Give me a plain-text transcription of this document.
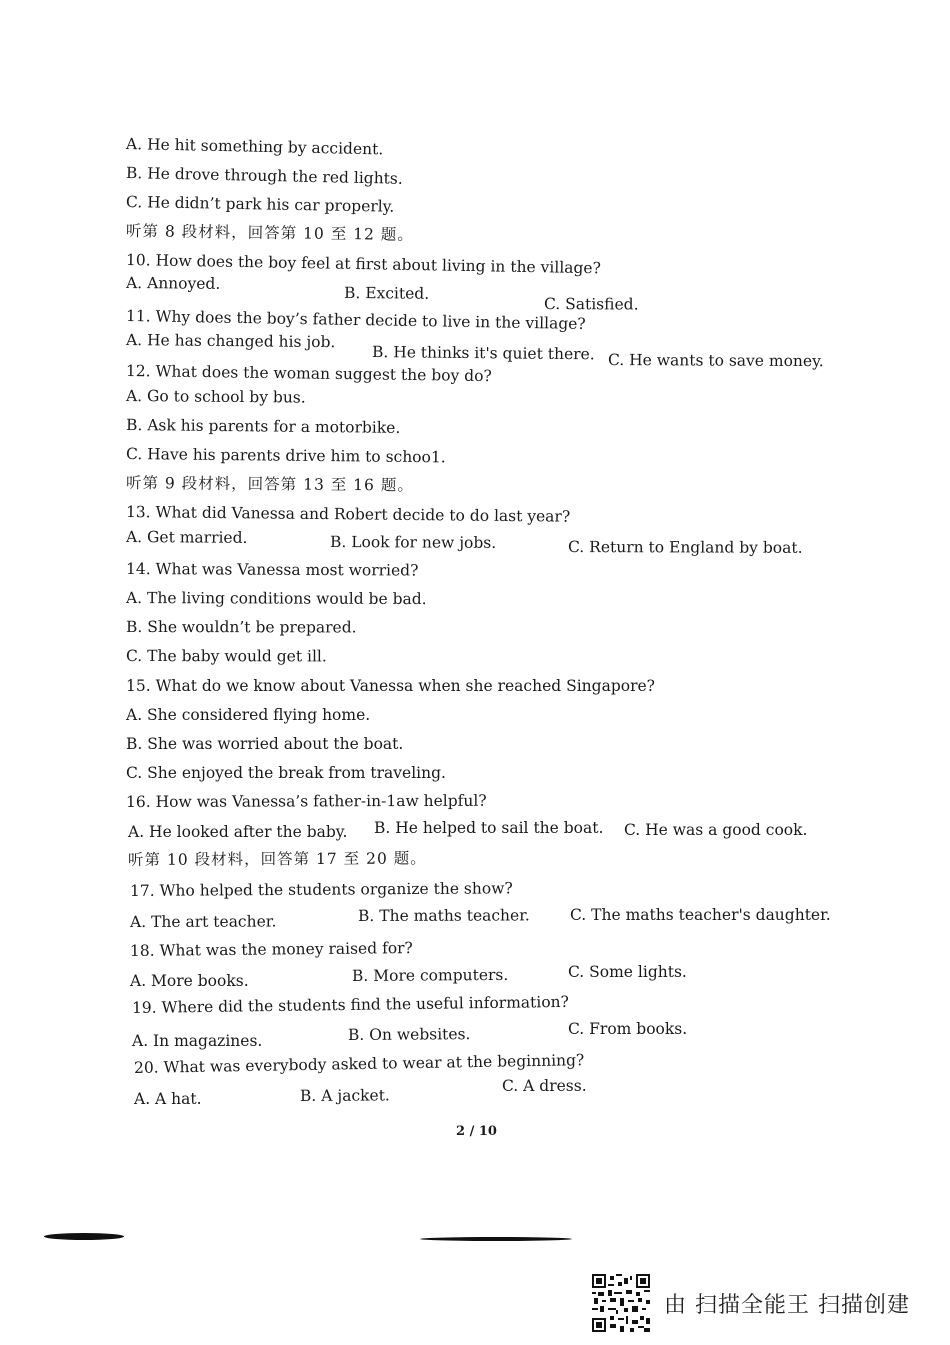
A. He hit something by accident.
B. He drove through the red lights.
C. He didn’t park his car properly.
听第 8 段材料，回答第 10 至 12 题。
10. How does the boy feel at first about living in the village?
A. Annoyed.
B. Excited.
C. Satisfied.
11. Why does the boy’s father decide to live in the village?
A. He has changed his job.
B. He thinks it's quiet there. C. He wants to save money.
12. What does the woman suggest the boy do?
A. Go to school by bus.
B. Ask his parents for a motorbike.
C. Have his parents drive him to schoo1.
听第 9 段材料，回答第 13 至 16 题。
13. What did Vanessa and Robert decide to do last year?
A. Get married.	B. Look for new jobs.	C. Return to England by boat.
14. What was Vanessa most worried?
A. The living conditions would be bad.
B. She wouldn’t be prepared.
C. The baby would get ill.
15. What do we know about Vanessa when she reached Singapore?
A. She considered flying home.
B. She was worried about the boat.
C. She enjoyed the break from traveling.
16. How was Vanessa’s father-in-1aw helpful?
A. He looked after the baby. B. He helped to sail the boat. C. He was a good cook.
听第 10 段材料，回答第 17 至 20 题。
17. Who helped the students organize the show?
A. The art teacher.	B. The maths teacher.	C. The maths teacher's daughter.
18. What was the money raised for?
A. More books.	B. More computers.	C. Some lights.
19. Where did the students find the useful information?
A. In magazines.	B. On websites.	C. From books.
20. What was everybody asked to wear at the beginning?
A. A hat.	B. A jacket.
C. A dress.
2 / 10
由 扫描全能王 扫描创建
